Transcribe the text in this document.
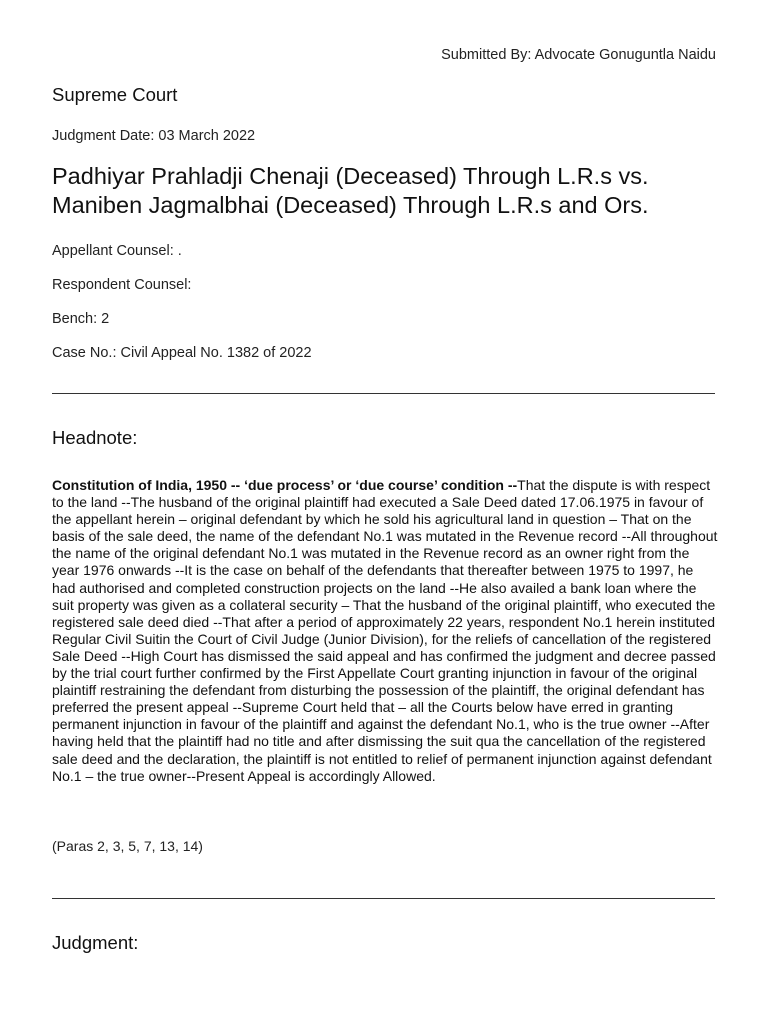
Submitted By: Advocate Gonuguntla Naidu
Supreme Court
Judgment Date: 03 March 2022
Padhiyar Prahladji Chenaji (Deceased) Through L.R.s vs. Maniben Jagmalbhai (Deceased) Through L.R.s and Ors.
Appellant Counsel: .
Respondent Counsel:
Bench: 2
Case No.: Civil Appeal No. 1382 of 2022
Headnote:

Constitution of India, 1950 -- ‘due process’ or ‘due course’ condition --That the dispute is with respect to the land --The husband of the original plaintiff had executed a Sale Deed dated 17.06.1975 in favour of the appellant herein – original defendant by which he sold his agricultural land in question – That on the basis of the sale deed, the name of the defendant No.1 was mutated in the Revenue record --All throughout the name of the original defendant No.1 was mutated in the Revenue record as an owner right from the year 1976 onwards --It is the case on behalf of the defendants that thereafter between 1975 to 1997, he had authorised and completed construction projects on the land --He also availed a bank loan where the suit property was given as a collateral security – That the husband of the original plaintiff, who executed the registered sale deed died --That after a period of approximately 22 years, respondent No.1 herein instituted Regular Civil Suitin the Court of Civil Judge (Junior Division), for the reliefs of cancellation of the registered Sale Deed --High Court has dismissed the said appeal and has confirmed the judgment and decree passed by the trial court further confirmed by the First Appellate Court granting injunction in favour of the original plaintiff restraining the defendant from disturbing the possession of the plaintiff, the original defendant has preferred the present appeal --Supreme Court held that – all the Courts below have erred in granting permanent injunction in favour of the plaintiff and against the defendant No.1, who is the true owner --After having held that the plaintiff had no title and after dismissing the suit qua the cancellation of the registered sale deed and the declaration, the plaintiff is not entitled to relief of permanent injunction against defendant No.1 – the true owner--Present Appeal is accordingly Allowed.

(Paras 2, 3, 5, 7, 13, 14)
Judgment:
